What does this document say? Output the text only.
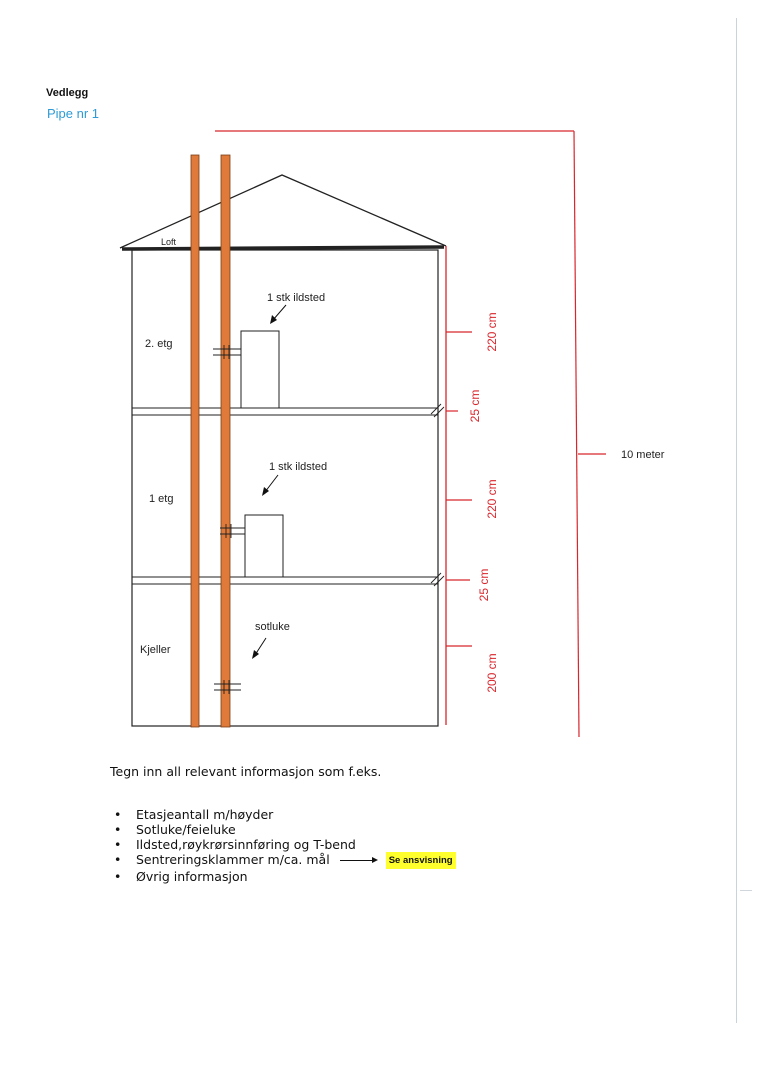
Vedlegg
Pipe nr 1
Loft
2. etg
1 etg
Kjeller
1 stk ildsted
1 stk ildsted
sotluke
10 meter
220 cm
25 cm
220 cm
25 cm
200 cm
Tegn inn all relevant informasjon som f.eks.
• Etasjeantall m/høyder
• Sotluke/feieluke
• Ildsted,røykrørsinnføring og T-bend
• Sentreringsklammer m/ca. mål	Se ansvisning
• Øvrig informasjon
